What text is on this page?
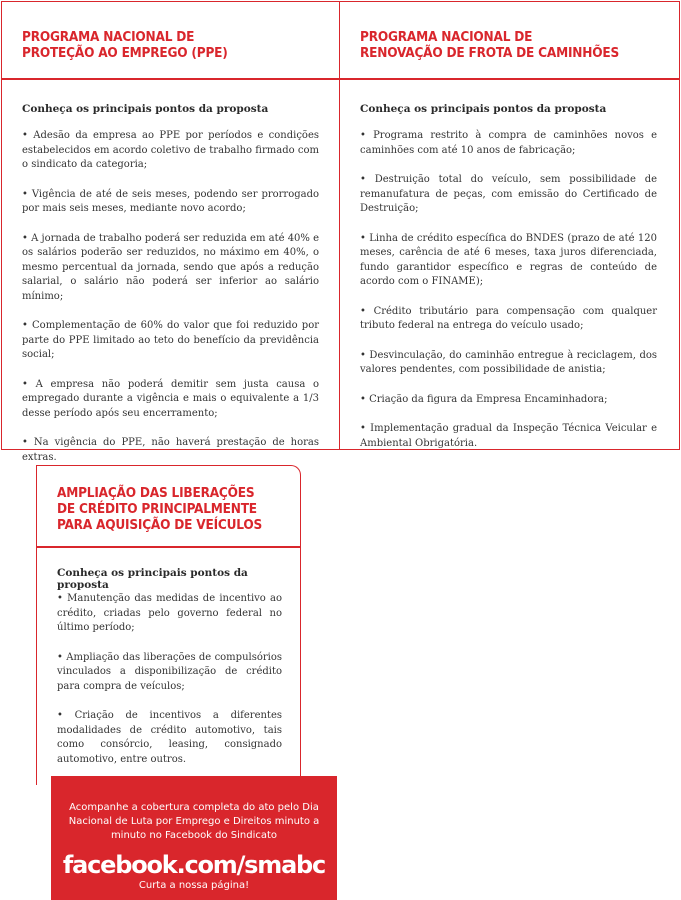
PROGRAMA NACIONAL DE
PROTEÇÃO AO EMPREGO (PPE)

Conheça os principais pontos da proposta

• Adesão da empresa ao PPE por períodos e condições estabelecidos em acordo coletivo de trabalho firmado com o sindicato da categoria;
• Vigência de até de seis meses, podendo ser prorrogado por mais seis meses, mediante novo acordo;
• A jornada de trabalho poderá ser reduzida em até 40% e os salários poderão ser reduzidos, no máximo em 40%, o mesmo percentual da jornada, sendo que após a redução salarial, o salário não poderá ser inferior ao salário mínimo;
• Complementação de 60% do valor que foi reduzido por parte do PPE limitado ao teto do benefício da previdência social;
• A empresa não poderá demitir sem justa causa o empregado durante a vigência e mais o equivalente a 1/3 desse período após seu encerramento;
• Na vigência do PPE, não haverá prestação de horas extras.
PROGRAMA NACIONAL DE
RENOVAÇÃO DE FROTA DE CAMINHÕES

Conheça os principais pontos da proposta

• Programa restrito à compra de caminhões novos e caminhões com até 10 anos de fabricação;
• Destruição total do veículo, sem possibilidade de remanufatura de peças, com emissão do Certificado de Destruição;
• Linha de crédito específica do BNDES (prazo de até 120 meses, carência de até 6 meses, taxa juros diferenciada, fundo garantidor específico e regras de conteúdo de acordo com o FINAME);
• Crédito tributário para compensação com qualquer tributo federal na entrega do veículo usado;
• Desvinculação, do caminhão entregue à reciclagem, dos valores pendentes, com possibilidade de anistia;
• Criação da figura da Empresa Encaminhadora;
• Implementação gradual da Inspeção Técnica Veicular e Ambiental Obrigatória.
AMPLIAÇÃO DAS LIBERAÇÕES
DE CRÉDITO PRINCIPALMENTE
PARA AQUISIÇÃO DE VEÍCULOS

Conheça os principais pontos da proposta

• Manutenção das medidas de incentivo ao crédito, criadas pelo governo federal no último período;
• Ampliação das liberações de compulsórios vinculados a disponibilização de crédito para compra de veículos;
• Criação de incentivos a diferentes modalidades de crédito automotivo, tais como consórcio, leasing, consignado automotivo, entre outros.

Acompanhe a cobertura completa do ato pelo Dia Nacional de Luta por Emprego e Direitos minuto a minuto no Facebook do Sindicato

facebook.com/smabc

Curta a nossa página!
